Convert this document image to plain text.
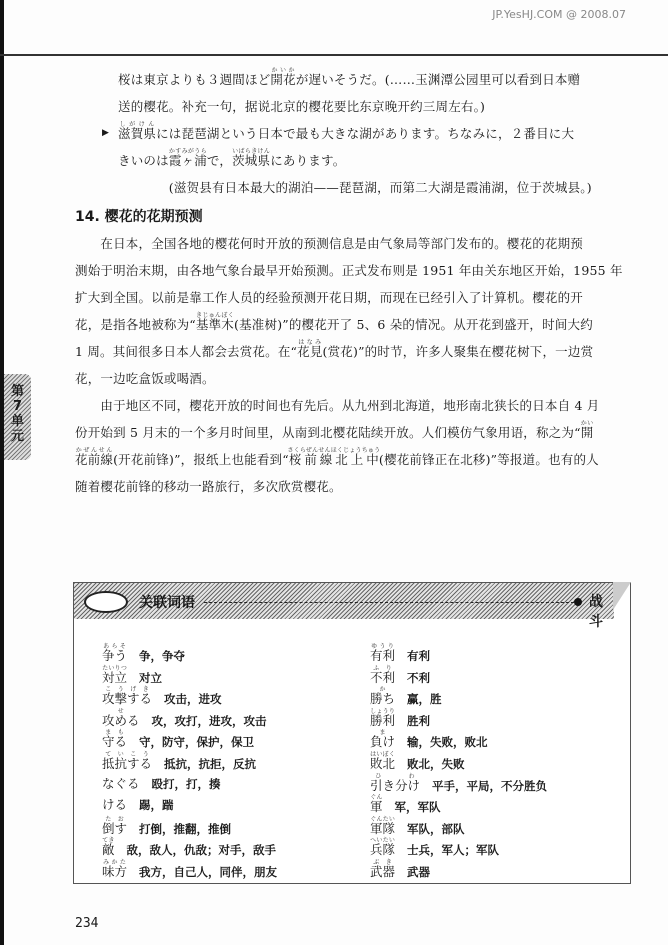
JP.YesHJ.COM @ 2008.07
桜は東京よりも３週間ほど開花かいかが遅いそうだ。(……玉渊潭公园里可以看到日本赠
送的樱花。补充一句，据说北京的樱花要比东京晚开约三周左右。)
▶ 滋賀県しがけんには琵琶湖という日本で最も大きな湖があります。ちなみに，２番目に大
きいのは霞ヶ浦かすみがうらで，茨城県いばらきけんにあります。
　　　　(滋贺县有日本最大的湖泊——琵琶湖，而第二大湖是霞浦湖，位于茨城县。)
14. 樱花的花期预测
　　在日本，全国各地的樱花何时开放的预测信息是由气象局等部门发布的。樱花的花期预
测始于明治末期，由各地气象台最早开始预测。正式发布则是 1951 年由关东地区开始，1955 年
扩大到全国。以前是靠工作人员的经验预测开花日期，而现在已经引入了计算机。樱花的开
花，是指各地被称为“基準木きじゅんぼく(基准树)”的樱花开了 5、6 朵的情况。从开花到盛开，时间大约
1 周。其间很多日本人都会去赏花。在“花見はなみ(赏花)”的时节，许多人聚集在樱花树下，一边赏
花，一边吃盒饭或喝酒。
　　由于地区不同，樱花开放的时间也有先后。从九州到北海道，地形南北狭长的日本自 4 月
份开始到 5 月末的一个多月时间里，从南到北樱花陆续开放。人们模仿气象用语，称之为“開かい
花前線かぜんせん(开花前锋)”，报纸上也能看到“桜前線北上中さくらぜんせんほくじょうちゅう(樱花前锋正在北移)”等报道。也有的人
随着樱花前锋的移动一路旅行，多次欣赏樱花。
第7单元
关联词语	战斗
争うあらそ争，争夺
対立たいりつ对立
攻撃するこうげき攻击，进攻
攻めるせ攻，攻打，进攻，攻击
守るまも守，防守，保护，保卫
抵抗するていこう抵抗，抗拒，反抗
なぐる 殴打，打，揍
ける 踢，踹
倒すたお打倒，推翻，推倒
敵てき敌，敌人，仇敌；对手，敌手
味方みかた我方，自己人，同伴，朋友
有利ゆうり有利
不利ふり不利
勝ちか赢，胜
勝利しょうり胜利
負けま输，失败，败北
敗北はいぼく败北，失败
引き分けひ　わ平手，平局，不分胜负
軍ぐん军，军队
軍隊ぐんたい军队，部队
兵隊へいたい士兵，军人；军队
武器ぶき武器
234
